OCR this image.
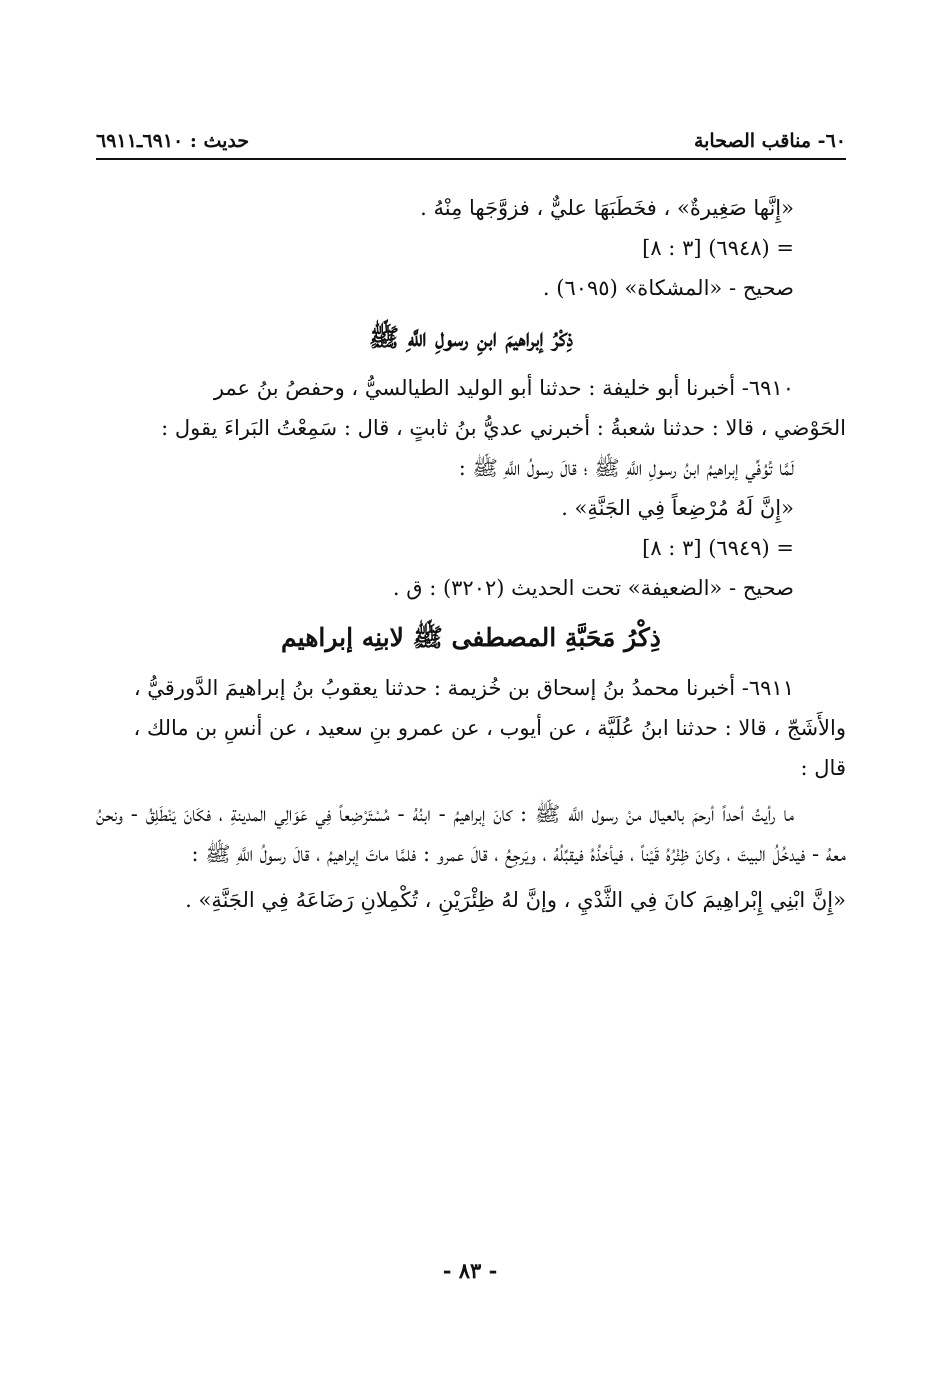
٦٠- مناقب الصحابة
حديث : ٦٩١٠ـ٦٩١١
«إِنَّها صَغِيرةٌ» ، فخَطَبَهَا عليٌّ ، فزوَّجَها مِنْهُ .
= (٦٩٤٨) [٣ : ٨]
صحيح - «المشكاة» (٦٠٩٥) .
ذِكْرُ إبراهيمَ ابنِ رسولِ اللَّهِ ﷺ
٦٩١٠- أخبرنا أبو خليفة : حدثنا أبو الوليد الطيالسيُّ ، وحفصُ بنُ عمر
الحَوْضي ، قالا : حدثنا شعبةُ : أخبرني عديُّ بنُ ثابتٍ ، قال : سَمِعْتُ البَراءَ يقول :
لَمَّا تُوُفِّي إبراهيمُ ابنُ رسولِ اللَّهِ ﷺ ؛ قالَ رسولُ اللَّهِ ﷺ :
«إِنَّ لَهُ مُرْضِعاً فِي الجَنَّةِ» .
= (٦٩٤٩) [٣ : ٨]
صحيح - «الضعيفة» تحت الحديث (٣٢٠٢) : ق .
ذِكْرُ مَحَبَّةِ المصطفى ﷺ لابنِه إبراهيم
٦٩١١- أخبرنا محمدُ بنُ إسحاق بن خُزيمة : حدثنا يعقوبُ بنُ إبراهيمَ الدَّورقيُّ ،
والأَشَجّ ، قالا : حدثنا ابنُ عُلَيَّة ، عن أيوب ، عن عمرو بنِ سعيد ، عن أنسِ بن مالك ،
قال :
ما رأيتُ أحداً أرحمَ بالعيال منْ رسول اللَّه ﷺ : كانَ إبراهيمُ - ابنُهُ - مُسْتَرْضِعاً فِي عَوَالِي المدينةِ ، فكَانَ يَنْطَلِقُ - ونحنُ معهُ - فيدخُلُ البيتَ ، وكانَ ظِئْرُهُ قَيْناً ، فيأخذُهُ فيقبِّلُهُ ، ويَرجِعُ ، قالَ عمرو : فلمَّا ماتَ إبراهيمُ ، قالَ رسولُ اللَّهِ ﷺ :
«إِنَّ ابْنِي إِبْراهِيمَ كانَ فِي الثَّدْيِ ، وإنَّ لهُ ظِئْرَيْنِ ، تُكْمِلانِ رَضَاعَهُ فِي الجَنَّةِ» .
- ٨٣ -
